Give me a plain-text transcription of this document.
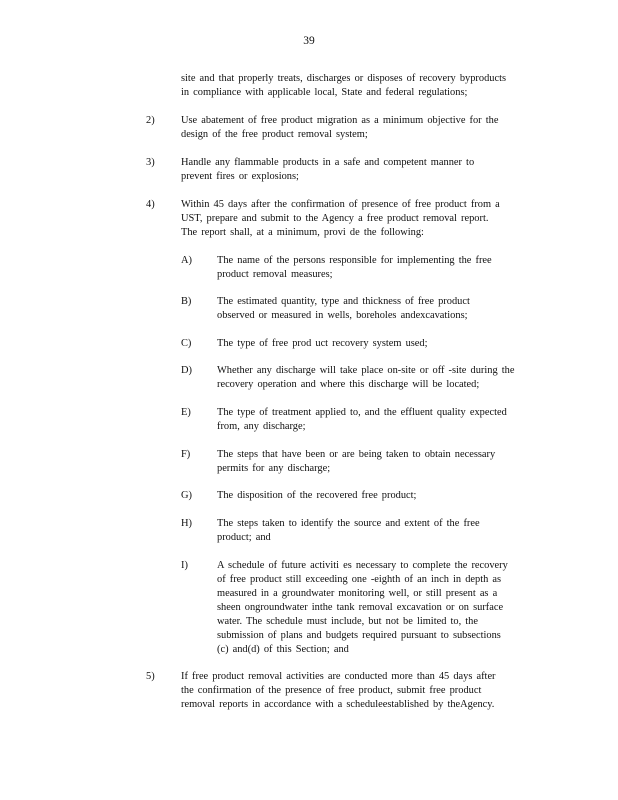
39
site and that properly treats, discharges or disposes of recovery byproducts
in compliance with applicable local, State and federal regulations;
2)	Use abatement of free product migration as a minimum objective for the
design of the free product removal system;
3)	Handle any flammable products in a safe and competent manner to
prevent fires or explosions;
4)	Within 45 days after the confirmation of presence of free product from a
UST, prepare and submit to the Agency a free product removal report.
The report shall, at a minimum, provi de the following:
A) The name of the persons responsible for implementing the free
product removal measures;
B) The estimated quantity, type and thickness of free product
observed or measured in wells, boreholes andexcavations;
C) The type of free prod uct recovery system used;
D) Whether any discharge will take place on-site or off -site during the
recovery operation and where this discharge will be located;
E)	The type of treatment applied to, and the effluent quality expected
from, any discharge;
F)	The steps that have been or are being taken to obtain necessary
permits for any discharge;
G) The disposition of the recovered free product;
H) The steps taken to identify the source and extent of the free
product; and
I)	A schedule of future activiti es necessary to complete the recovery
of free product still exceeding one -eighth of an inch in depth as
measured in a groundwater monitoring well, or still present as a
sheen ongroundwater inthe tank removal excavation or on surface
water. The schedule must include, but not be limited to, the
submission of plans and budgets required pursuant to subsections
(c) and(d) of this Section; and
5)	If free product removal activities are conducted more than 45 days after
the confirmation of the presence of free product, submit free product
removal reports in accordance with a scheduleestablished by theAgency.
